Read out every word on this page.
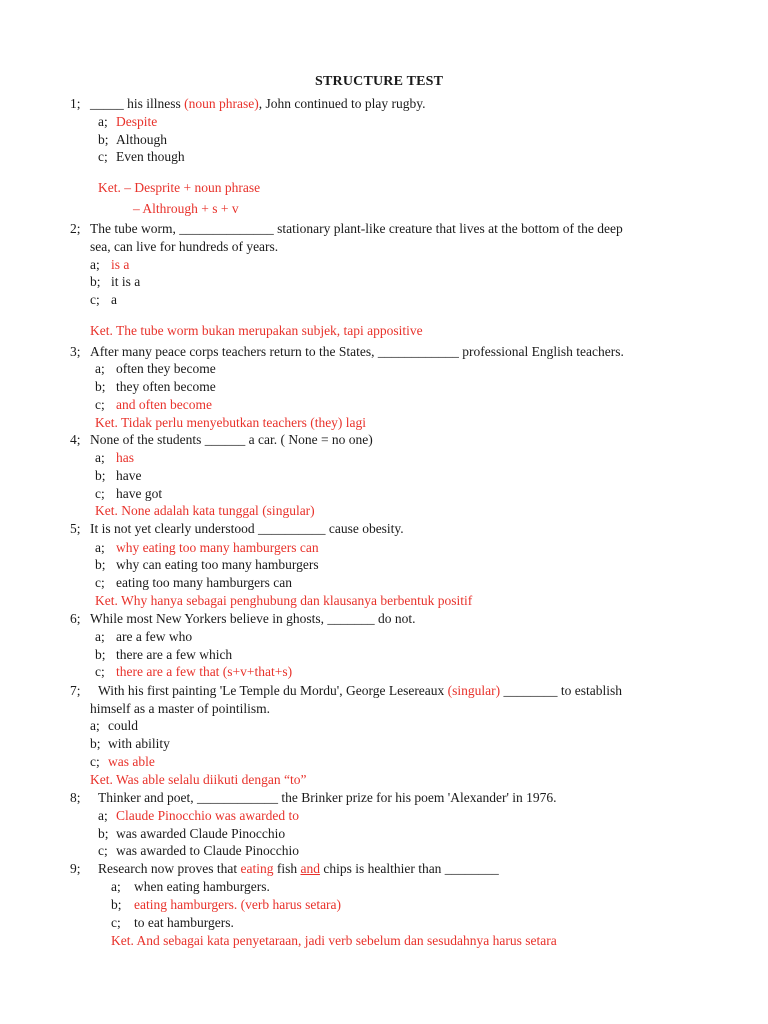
STRUCTURE TEST
1; _____ his illness (noun phrase), John continued to play rugby.
a; Despite
b; Although
c; Even though
Ket. – Desprite + noun phrase
– Althrough + s + v
2; The tube worm, ______________ stationary plant-like creature that lives at the bottom of the deep
sea, can live for hundreds of years.
a; is a
b; it is a
c; a
Ket. The tube worm bukan merupakan subjek, tapi appositive
3; After many peace corps teachers return to the States, ____________ professional English teachers.
a; often they become
b; they often become
c; and often become
Ket. Tidak perlu menyebutkan teachers (they) lagi
4; None of the students ______ a car. ( None = no one)
a; has
b; have
c; have got
Ket. None adalah kata tunggal (singular)
5; It is not yet clearly understood __________ cause obesity.
a; why eating too many hamburgers can
b; why can eating too many hamburgers
c; eating too many hamburgers can
Ket. Why hanya sebagai penghubung dan klausanya berbentuk positif
6; While most New Yorkers believe in ghosts, _______ do not.
a; are a few who
b; there are a few which
c; there are a few that (s+v+that+s)
7; With his first painting 'Le Temple du Mordu', George Lesereaux (singular) ________ to establish
himself as a master of pointilism.
a; could
b; with ability
c; was able
Ket. Was able selalu diikuti dengan “to”
8; Thinker and poet, ____________ the Brinker prize for his poem 'Alexander' in 1976.
a; Claude Pinocchio was awarded to
b; was awarded Claude Pinocchio
c; was awarded to Claude Pinocchio
9; Research now proves that eating fish and chips is healthier than ________
a; when eating hamburgers.
b; eating hamburgers. (verb harus setara)
c; to eat hamburgers.
Ket. And sebagai kata penyetaraan, jadi verb sebelum dan sesudahnya harus setara
